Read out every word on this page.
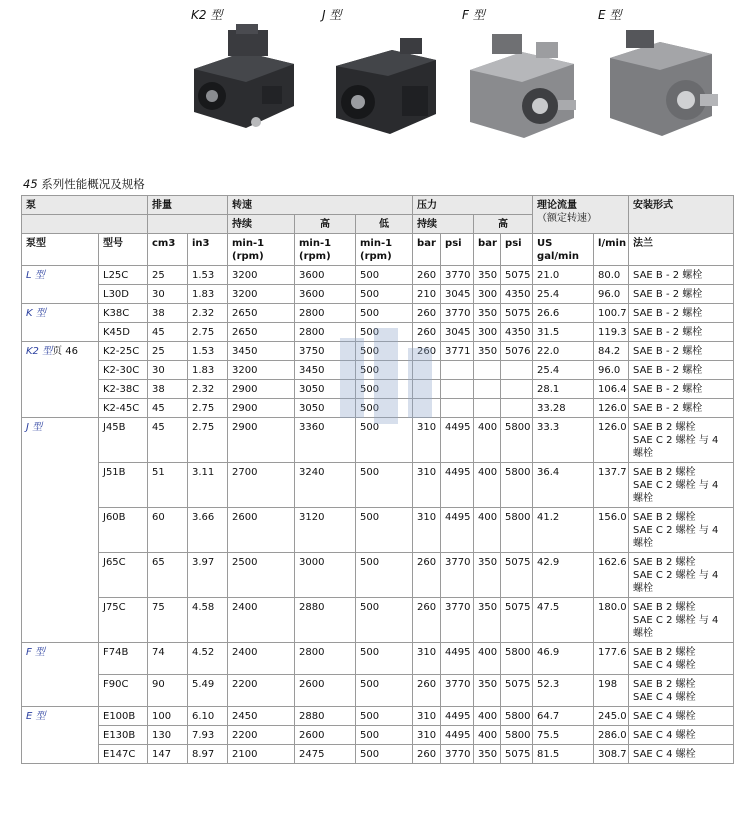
K2 型	J 型	F 型	E 型
45 系列性能概况及规格
泵		排量		转速			压力				理论流量
（额定转速）		安装形式
				持续	高	低	持续		高				
泵型	型号	cm3	in3	min-1 (rpm)	min-1 (rpm)	min-1 (rpm)	bar	psi	bar	psi	US gal/min	l/min	法兰
L 型	L25C	25	1.53	3200	3600	500	260	3770	350	5075	21.0	80.0	SAE B - 2 螺栓
	L30D	30	1.83	3200	3600	500	210	3045	300	4350	25.4	96.0	SAE B - 2 螺栓
K 型	K38C	38	2.32	2650	2800	500	260	3770	350	5075	26.6	100.7	SAE B - 2 螺栓
	K45D	45	2.75	2650	2800	500	260	3045	300	4350	31.5	119.3	SAE B - 2 螺栓
K2 型页 46	K2-25C	25	1.53	3450	3750	500	260	3771	350	5076	22.0	84.2	SAE B - 2 螺栓
	K2-30C	30	1.83	3200	3450	500					25.4	96.0	SAE B - 2 螺栓
	K2-38C	38	2.32	2900	3050	500					28.1	106.4	SAE B - 2 螺栓
	K2-45C	45	2.75	2900	3050	500					33.28	126.0	SAE B - 2 螺栓
J 型	J45B	45	2.75	2900	3360	500	310	4495	400	5800	33.3	126.0	SAE B 2 螺栓
SAE C 2 螺栓 与 4 螺栓
	J51B	51	3.11	2700	3240	500	310	4495	400	5800	36.4	137.7	SAE B 2 螺栓
SAE C 2 螺栓 与 4 螺栓
	J60B	60	3.66	2600	3120	500	310	4495	400	5800	41.2	156.0	SAE B 2 螺栓
SAE C 2 螺栓 与 4 螺栓
	J65C	65	3.97	2500	3000	500	260	3770	350	5075	42.9	162.6	SAE B 2 螺栓
SAE C 2 螺栓 与 4 螺栓
	J75C	75	4.58	2400	2880	500	260	3770	350	5075	47.5	180.0	SAE B 2 螺栓
SAE C 2 螺栓 与 4 螺栓
F 型	F74B	74	4.52	2400	2800	500	310	4495	400	5800	46.9	177.6	SAE B 2 螺栓
SAE C 4 螺栓
	F90C	90	5.49	2200	2600	500	260	3770	350	5075	52.3	198	SAE B 2 螺栓
SAE C 4 螺栓
E 型	E100B	100	6.10	2450	2880	500	310	4495	400	5800	64.7	245.0	SAE C 4 螺栓
	E130B	130	7.93	2200	2600	500	310	4495	400	5800	75.5	286.0	SAE C 4 螺栓
	E147C	147	8.97	2100	2475	500	260	3770	350	5075	81.5	308.7	SAE C 4 螺栓
